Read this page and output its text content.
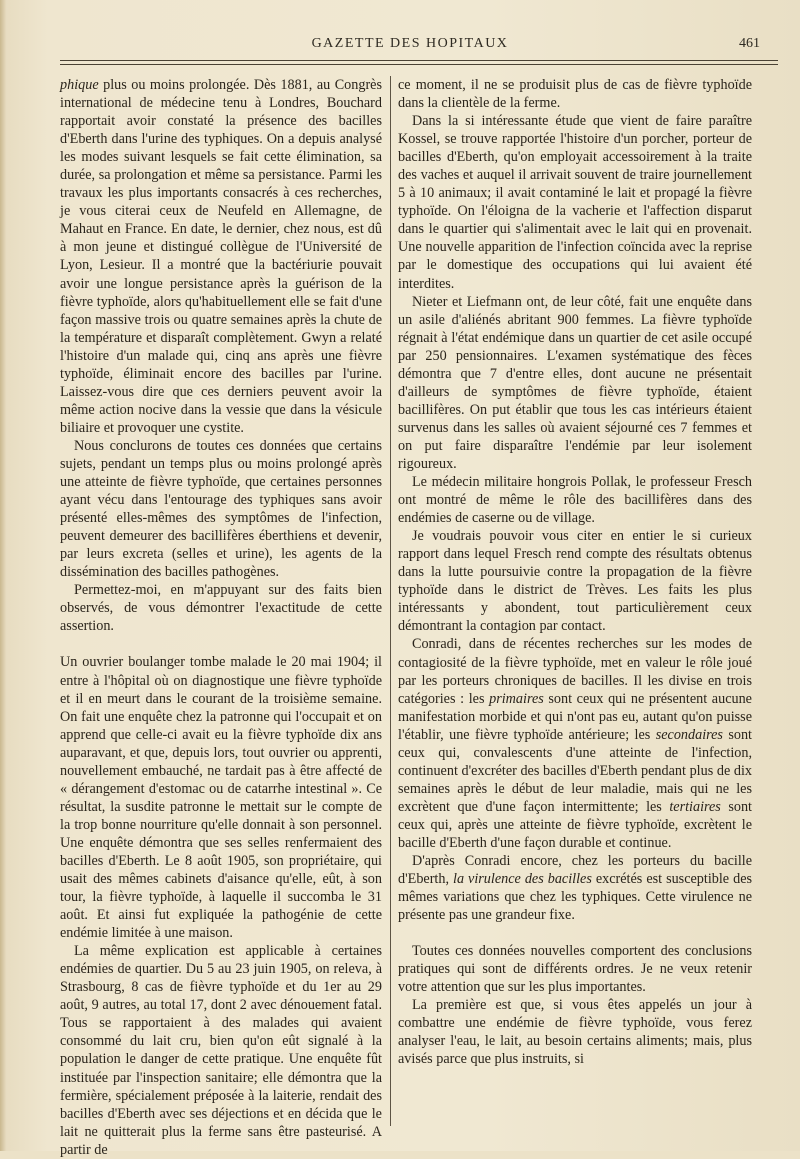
GAZETTE DES HOPITAUX	461

phique plus ou moins prolongée. Dès 1881, au Congrès international de médecine tenu à Londres, Bouchard rapportait avoir constaté la présence des bacilles d'Eberth dans l'urine des typhiques. On a depuis analysé les modes suivant lesquels se fait cette élimination, sa durée, sa prolongation et même sa persistance. Parmi les travaux les plus importants consacrés à ces recherches, je vous citerai ceux de Neufeld en Allemagne, de Mahaut en France. En date, le dernier, chez nous, est dû à mon jeune et distingué collègue de l'Université de Lyon, Lesieur. Il a montré que la bactériurie pouvait avoir une longue persistance après la guérison de la fièvre typhoïde, alors qu'habituellement elle se fait d'une façon massive trois ou quatre semaines après la chute de la température et disparaît complètement. Gwyn a relaté l'histoire d'un malade qui, cinq ans après une fièvre typhoïde, éliminait encore des bacilles par l'urine. Laissez-vous dire que ces derniers peuvent avoir la même action nocive dans la vessie que dans la vésicule biliaire et provoquer une cystite.

Nous conclurons de toutes ces données que certains sujets, pendant un temps plus ou moins prolongé après une atteinte de fièvre typhoïde, que certaines personnes ayant vécu dans l'entourage des typhiques sans avoir présenté elles-mêmes des symptômes de l'infection, peuvent demeurer des bacillifères éberthiens et devenir, par leurs excreta (selles et urine), les agents de la dissémination des bacilles pathogènes.

Permettez-moi, en m'appuyant sur des faits bien observés, de vous démontrer l'exactitude de cette assertion.

Un ouvrier boulanger tombe malade le 20 mai 1904; il entre à l'hôpital où on diagnostique une fièvre typhoïde et il en meurt dans le courant de la troisième semaine. On fait une enquête chez la patronne qui l'occupait et on apprend que celle-ci avait eu la fièvre typhoïde dix ans auparavant, et que, depuis lors, tout ouvrier ou apprenti, nouvellement embauché, ne tardait pas à être affecté de « dérangement d'estomac ou de catarrhe intestinal ». Ce résultat, la susdite patronne le mettait sur le compte de la trop bonne nourriture qu'elle donnait à son personnel. Une enquête démontra que ses selles renfermaient des bacilles d'Eberth. Le 8 août 1905, son propriétaire, qui usait des mêmes cabinets d'aisance qu'elle, eût, à son tour, la fièvre typhoïde, à laquelle il succomba le 31 août. Et ainsi fut expliquée la pathogénie de cette endémie limitée à une maison.

La même explication est applicable à certaines endémies de quartier. Du 5 au 23 juin 1905, on releva, à Strasbourg, 8 cas de fièvre typhoïde et du 1er au 29 août, 9 autres, au total 17, dont 2 avec dénouement fatal. Tous se rapportaient à des malades qui avaient consommé du lait cru, bien qu'on eût signalé à la population le danger de cette pratique. Une enquête fût instituée par l'inspection sanitaire; elle démontra que la fermière, spécialement préposée à la laiterie, rendait des bacilles d'Eberth avec ses déjections et en décida que le lait ne quitterait plus la ferme sans être pasteurisé. A partir de

ce moment, il ne se produisit plus de cas de fièvre typhoïde dans la clientèle de la ferme.

Dans la si intéressante étude que vient de faire paraître Kossel, se trouve rapportée l'histoire d'un porcher, porteur de bacilles d'Eberth, qu'on employait accessoirement à la traite des vaches et auquel il arrivait souvent de traire journellement 5 à 10 animaux; il avait contaminé le lait et propagé la fièvre typhoïde. On l'éloigna de la vacherie et l'affection disparut dans le quartier qui s'alimentait avec le lait qui en provenait. Une nouvelle apparition de l'infection coïncida avec la reprise par le domestique des occupations qui lui avaient été interdites.

Nieter et Liefmann ont, de leur côté, fait une enquête dans un asile d'aliénés abritant 900 femmes. La fièvre typhoïde régnait à l'état endémique dans un quartier de cet asile occupé par 250 pensionnaires. L'examen systématique des fèces démontra que 7 d'entre elles, dont aucune ne présentait d'ailleurs de symptômes de fièvre typhoïde, étaient bacillifères. On put établir que tous les cas intérieurs étaient survenus dans les salles où avaient séjourné ces 7 femmes et on put faire disparaître l'endémie par leur isolement rigoureux.

Le médecin militaire hongrois Pollak, le professeur Fresch ont montré de même le rôle des bacillifères dans des endémies de caserne ou de village.

Je voudrais pouvoir vous citer en entier le si curieux rapport dans lequel Fresch rend compte des résultats obtenus dans la lutte poursuivie contre la propagation de la fièvre typhoïde dans le district de Trèves. Les faits les plus intéressants y abondent, tout particulièrement ceux démontrant la contagion par contact.

Conradi, dans de récentes recherches sur les modes de contagiosité de la fièvre typhoïde, met en valeur le rôle joué par les porteurs chroniques de bacilles. Il les divise en trois catégories : les primaires sont ceux qui ne présentent aucune manifestation morbide et qui n'ont pas eu, autant qu'on puisse l'établir, une fièvre typhoïde antérieure; les secondaires sont ceux qui, convalescents d'une atteinte de l'infection, continuent d'excréter des bacilles d'Eberth pendant plus de dix semaines après le début de leur maladie, mais qui ne les excrètent que d'une façon intermittente; les tertiaires sont ceux qui, après une atteinte de fièvre typhoïde, excrètent le bacille d'Eberth d'une façon durable et continue.

D'après Conradi encore, chez les porteurs du bacille d'Eberth, la virulence des bacilles excrétés est susceptible des mêmes variations que chez les typhiques. Cette virulence ne présente pas une grandeur fixe.

Toutes ces données nouvelles comportent des conclusions pratiques qui sont de différents ordres. Je ne veux retenir votre attention que sur les plus importantes.

La première est que, si vous êtes appelés un jour à combattre une endémie de fièvre typhoïde, vous ferez analyser l'eau, le lait, au besoin certains aliments; mais, plus avisés parce que plus instruits, si
